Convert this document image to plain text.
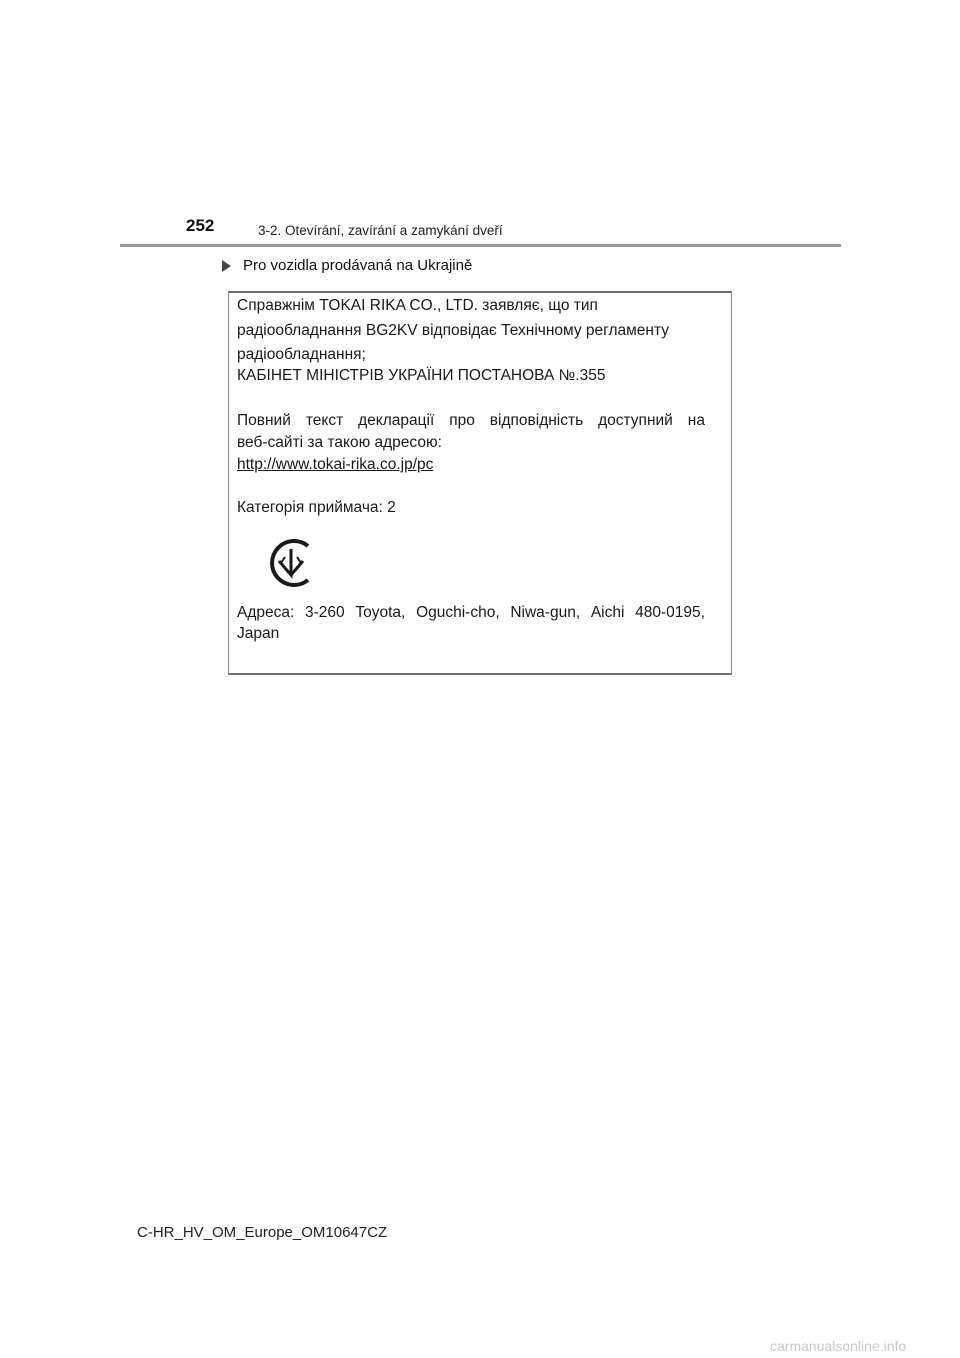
252	3-2. Otevírání, zavírání a zamykání dveří
Pro vozidla prodávaná na Ukrajině
Справжнім TOKAI RIKA CO., LTD. заявляє, що тип
радіообладнання BG2KV відповідає Технічному регламенту
радіообладнання;
КАБІНЕТ МІНІСТРІВ УКРАЇНИ ПОСТАНОВА №.355
Повний текст декларації про відповідність доступний на
веб-сайті за такою адресою:
http://www.tokai-rika.co.jp/pc
Категорія приймача: 2
Адреса: 3-260 Toyota, Oguchi-cho, Niwa-gun, Aichi 480-0195,
Japan
C-HR_HV_OM_Europe_OM10647CZ
carmanualsonline.info
